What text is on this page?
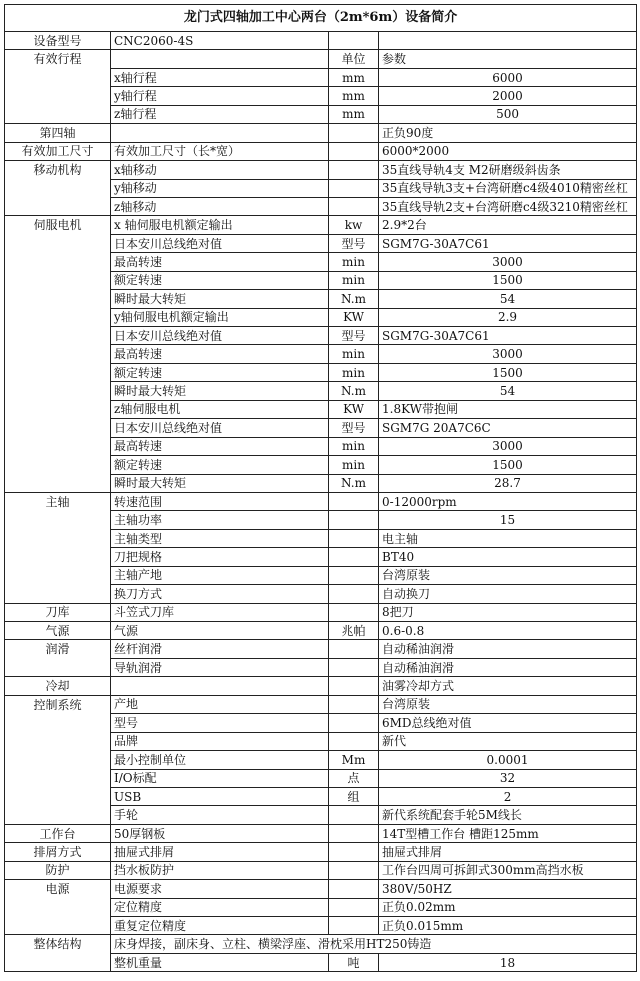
龙门式四轴加工中心两台（2m*6m）设备简介			
设备型号	CNC2060-4S		
有效行程		单位	参数
	x轴行程	mm	6000
	y轴行程	mm	2000
	z轴行程	mm	500
第四轴			正负90度
有效加工尺寸	有效加工尺寸（长*宽）		6000*2000
移动机构	x轴移动		35直线导轨4支 M2研磨级斜齿条
	y轴移动		35直线导轨3支+台湾研磨c4级4010精密丝杠
	z轴移动		35直线导轨2支+台湾研磨c4级3210精密丝杠
伺服电机	x 轴伺服电机额定输出	kw	2.9*2台
	日本安川总线绝对值	型号	SGM7G-30A7C61
	最高转速	min	3000
	额定转速	min	1500
	瞬时最大转矩	N.m	54
	y轴伺服电机额定输出	KW	2.9
	日本安川总线绝对值	型号	SGM7G-30A7C61
	最高转速	min	3000
	额定转速	min	1500
	瞬时最大转矩	N.m	54
	z轴伺服电机	KW	1.8KW带抱闸
	日本安川总线绝对值	型号	SGM7G 20A7C6C
	最高转速	min	3000
	额定转速	min	1500
	瞬时最大转矩	N.m	28.7
主轴	转速范围		0-12000rpm
	主轴功率		15
	主轴类型		电主轴
	刀把规格		BT40
	主轴产地		台湾原装
	换刀方式		自动换刀
刀库	斗笠式刀库		8把刀
气源	气源	兆帕	0.6-0.8
润滑	丝杆润滑		自动稀油润滑
	导轨润滑		自动稀油润滑
冷却			油雾冷却方式
控制系统	产地		台湾原装
	型号		6MD总线绝对值
	品牌		新代
	最小控制单位	Mm	0.0001
	I/O标配	点	32
	USB	组	2
	手轮		新代系统配套手轮5M线长
工作台	50厚钢板		14T型槽工作台 槽距125mm
排屑方式	抽屉式排屑		抽屉式排屑
防护	挡水板防护		工作台四周可拆卸式300mm高挡水板
电源	电源要求		380V/50HZ
	定位精度		正负0.02mm
	重复定位精度		正负0.015mm
整体结构	床身焊接，副床身、立柱、横梁浮座、滑枕采用HT250铸造		
	整机重量	吨	18
